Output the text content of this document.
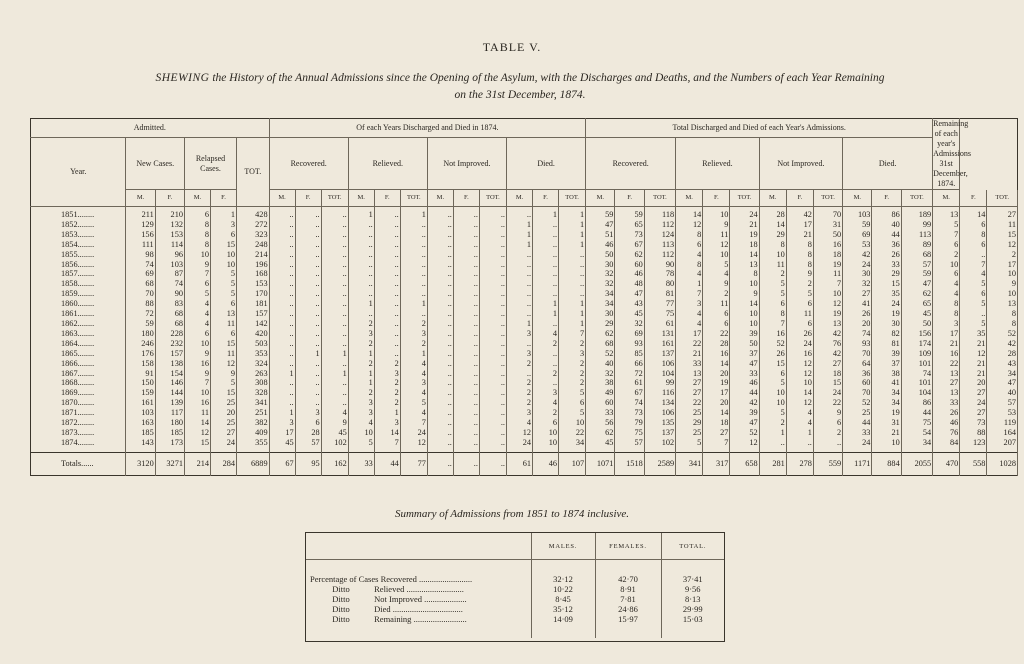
TABLE V.
SHEWING the History of the Annual Admissions since the Opening of the Asylum, with the Discharges and Deaths, and the Numbers of each Year Remaining
on the 31st December, 1874.
Admitted.						Of each Years Discharged and Died in 1874.												Total Discharged and Died of each Year's Admissions.												Remaining of each year's Admissions 31st December, 1874.		
Year.	New Cases.		Relapsed Cases.		TOT.	Recovered.			Relieved.			Not Improved.			Died.			Recovered.			Relieved.			Not Improved.			Died.					
	M.	F.	M.	F.		M.	F.	TOT.	M.	F.	TOT.	M.	F.	TOT.	M.	F.	TOT.	M.	F.	TOT.	M.	F.	TOT.	M.	F.	TOT.	M.	F.	TOT.	M.	F.	TOT.
1851........	211	210	6	1	428	..	..	..	1	..	1	..	..	..	..	1	1	59	59	118	14	10	24	28	42	70	103	86	189	13	14	27
1852........	129	132	8	3	272	..	..	..	..	..	..	..	..	..	1	..	1	47	65	112	12	9	21	14	17	31	59	40	99	5	6	11
1853........	156	153	8	6	323	..	..	..	..	..	..	..	..	..	1	..	1	51	73	124	8	11	19	29	21	50	69	44	113	7	8	15
1854........	111	114	8	15	248	..	..	..	..	..	..	..	..	..	1	..	1	46	67	113	6	12	18	8	8	16	53	36	89	6	6	12
1855........	98	96	10	10	214	..	..	..	..	..	..	..	..	..	..	..	..	50	62	112	4	10	14	10	8	18	42	26	68	2	..	2
1856........	74	103	9	10	196	..	..	..	..	..	..	..	..	..	..	..	..	30	60	90	8	5	13	11	8	19	24	33	57	10	7	17
1857........	69	87	7	5	168	..	..	..	..	..	..	..	..	..	..	..	..	32	46	78	4	4	8	2	9	11	30	29	59	6	4	10
1858........	68	74	6	5	153	..	..	..	..	..	..	..	..	..	..	..	..	32	48	80	1	9	10	5	2	7	32	15	47	4	5	9
1859........	70	90	5	5	170	..	..	..	..	..	..	..	..	..	..	..	..	34	47	81	7	2	9	5	5	10	27	35	62	4	6	10
1860........	88	83	4	6	181	..	..	..	1	..	1	..	..	..	..	1	1	34	43	77	3	11	14	6	6	12	41	24	65	8	5	13
1861........	72	68	4	13	157	..	..	..	..	..	..	..	..	..	..	1	1	30	45	75	4	6	10	8	11	19	26	19	45	8	..	8
1862........	59	68	4	11	142	..	..	..	2	..	2	..	..	..	1	..	1	29	32	61	4	6	10	7	6	13	20	30	50	3	5	8
1863........	180	228	6	6	420	..	..	..	3	..	3	..	..	..	3	4	7	62	69	131	17	22	39	16	26	42	74	82	156	17	35	52
1864........	246	232	10	15	503	..	..	..	2	..	2	..	..	..	..	2	2	68	93	161	22	28	50	52	24	76	93	81	174	21	21	42
1865........	176	157	9	11	353	..	1	1	1	..	1	..	..	..	3	..	3	52	85	137	21	16	37	26	16	42	70	39	109	16	12	28
1866........	158	138	16	12	324	..	..	..	2	2	4	..	..	..	2	..	2	40	66	106	33	14	47	15	12	27	64	37	101	22	21	43
1867........	91	154	9	9	263	1	..	1	1	3	4	..	..	..	..	2	2	32	72	104	13	20	33	6	12	18	36	38	74	13	21	34
1868........	150	146	7	5	308	..	..	..	1	2	3	..	..	..	2	..	2	38	61	99	27	19	46	5	10	15	60	41	101	27	20	47
1869........	159	144	10	15	328	..	..	..	2	2	4	..	..	..	2	3	5	49	67	116	27	17	44	10	14	24	70	34	104	13	27	40
1870........	161	139	16	25	341	..	..	..	3	2	5	..	..	..	2	4	6	60	74	134	22	20	42	10	12	22	52	34	86	33	24	57
1871........	103	117	11	20	251	1	3	4	3	1	4	..	..	..	3	2	5	33	73	106	25	14	39	5	4	9	25	19	44	26	27	53
1872........	163	180	14	25	382	3	6	9	4	3	7	..	..	..	4	6	10	56	79	135	29	18	47	2	4	6	44	31	75	46	73	119
1873........	185	185	12	27	409	17	28	45	10	14	24	..	..	..	12	10	22	62	75	137	25	27	52	1	1	2	33	21	54	76	88	164
1874........	143	173	15	24	355	45	57	102	5	7	12	..	..	..	24	10	34	45	57	102	5	7	12	..	..	..	24	10	34	84	123	207
Totals......	3120	3271	214	284	6889	67	95	162	33	44	77	..	..	..	61	46	107	1071	1518	2589	341	317	658	281	278	559	1171	884	2055	470	558	1028
Summary of Admissions from 1851 to 1874 inclusive.
	MALES.	FEMALES.	TOTAL.

Percentage of Cases Recovered .........................	32·12	42·70	37·41
Ditto Relieved ...........................	10·22	8·91	9·56
Ditto Not Improved ....................	8·45	7·81	8·13
Ditto Died .................................	35·12	24·86	29·99
Ditto Remaining .........................	14·09	15·97	15·03
